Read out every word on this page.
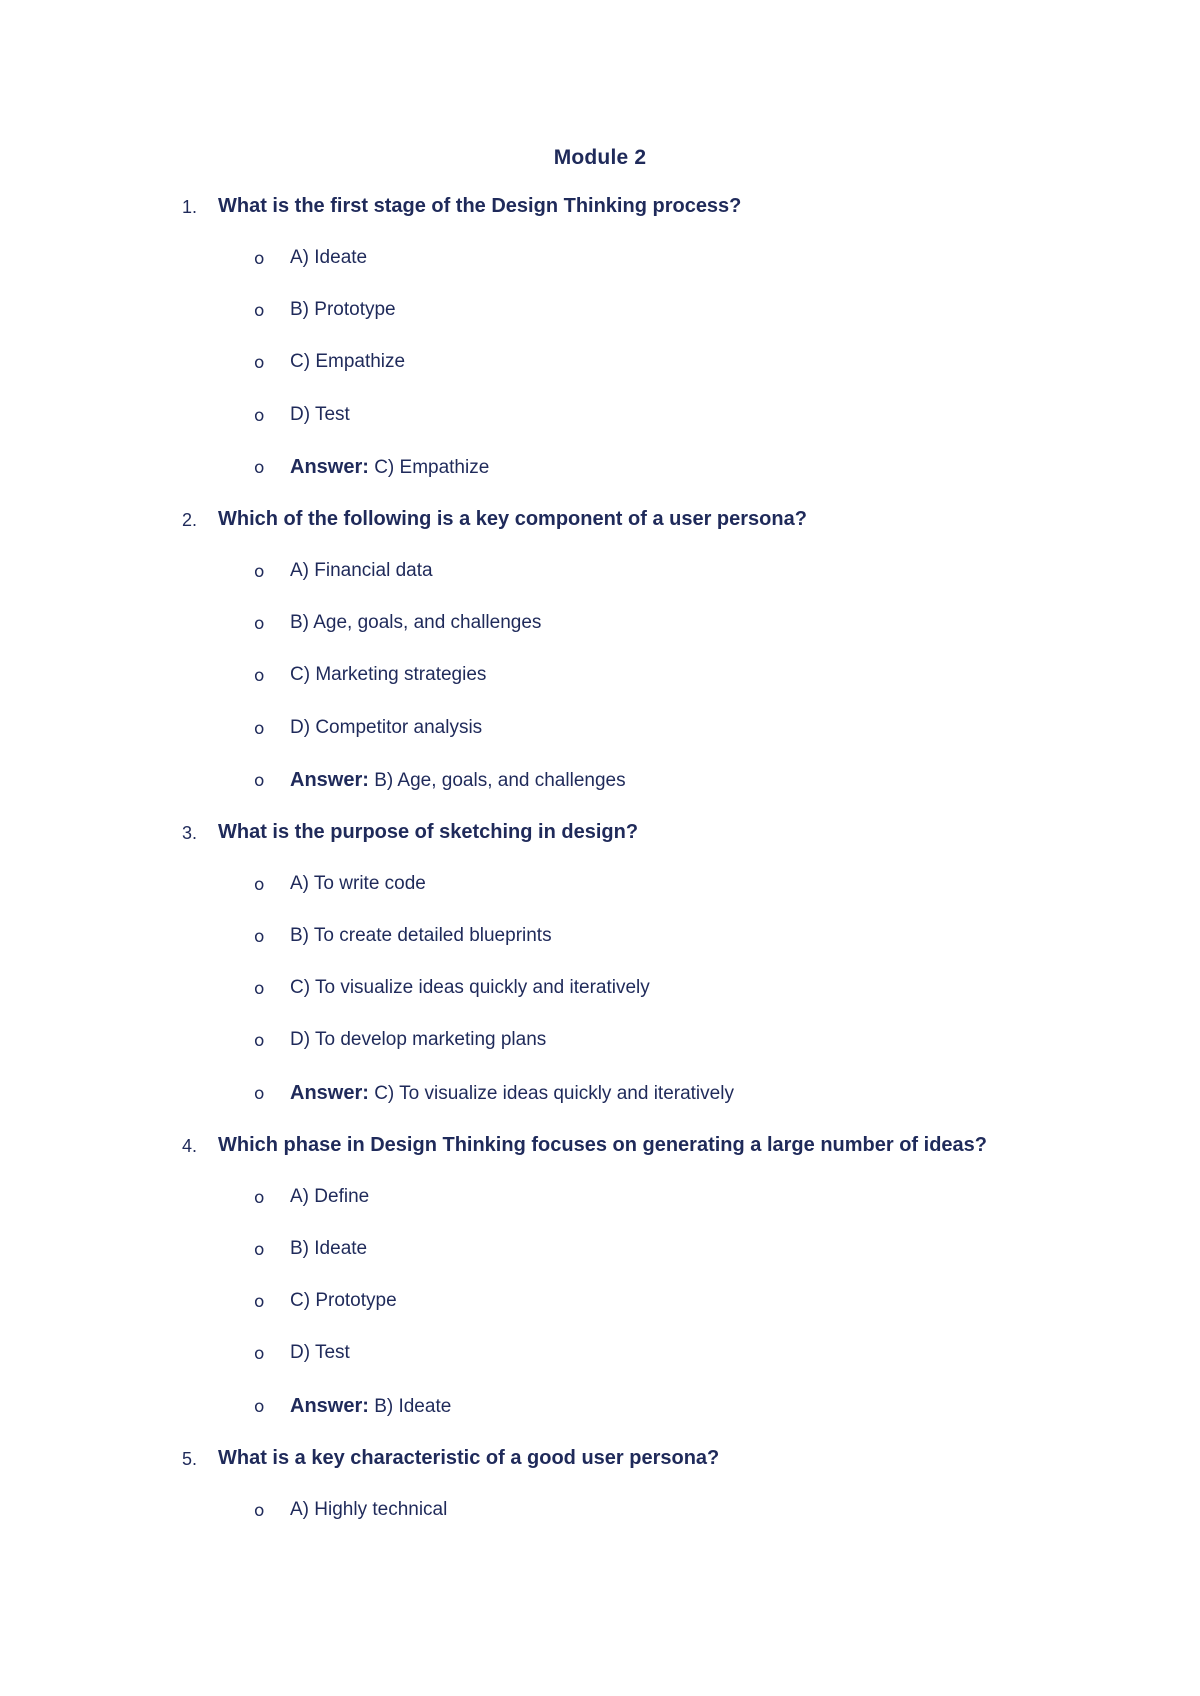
Module 2
1. What is the first stage of the Design Thinking process?
o A) Ideate
o B) Prototype
o C) Empathize
o D) Test
o Answer: C) Empathize
2. Which of the following is a key component of a user persona?
o A) Financial data
o B) Age, goals, and challenges
o C) Marketing strategies
o D) Competitor analysis
o Answer: B) Age, goals, and challenges
3. What is the purpose of sketching in design?
o A) To write code
o B) To create detailed blueprints
o C) To visualize ideas quickly and iteratively
o D) To develop marketing plans
o Answer: C) To visualize ideas quickly and iteratively
4. Which phase in Design Thinking focuses on generating a large number of ideas?
o A) Define
o B) Ideate
o C) Prototype
o D) Test
o Answer: B) Ideate
5. What is a key characteristic of a good user persona?
o A) Highly technical
